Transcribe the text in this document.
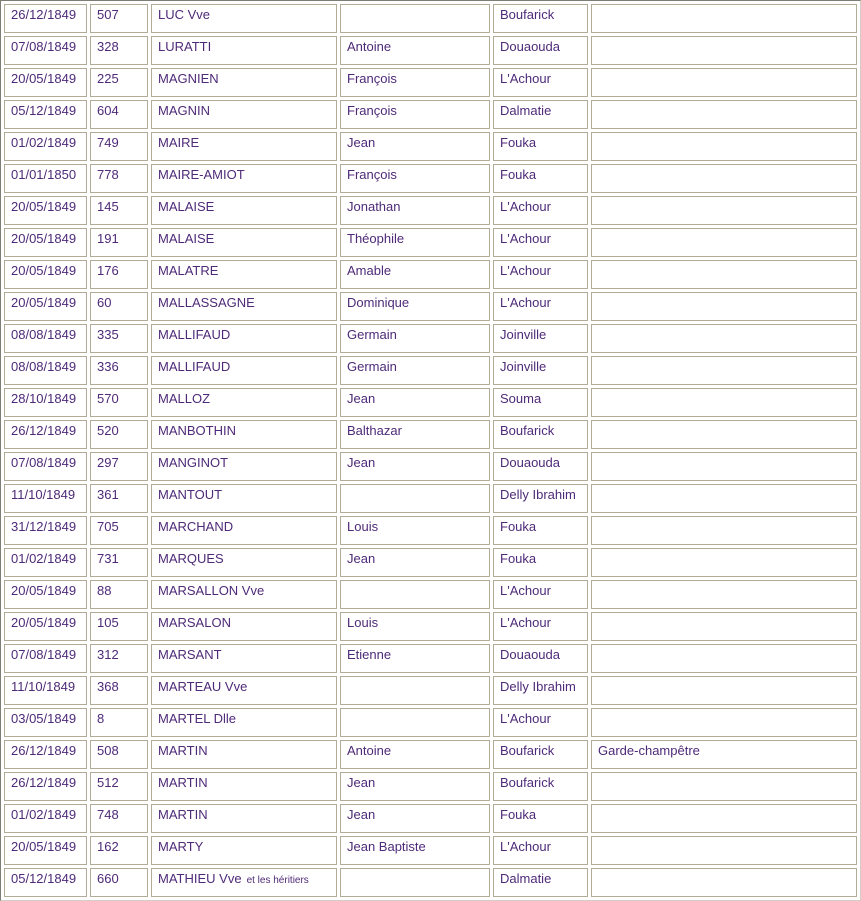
26/12/1849	507	LUC Vve		Boufarick	
07/08/1849	328	LURATTI	Antoine	Douaouda	
20/05/1849	225	MAGNIEN	François	L'Achour	
05/12/1849	604	MAGNIN	François	Dalmatie	
01/02/1849	749	MAIRE	Jean	Fouka	
01/01/1850	778	MAIRE-AMIOT	François	Fouka	
20/05/1849	145	MALAISE	Jonathan	L'Achour	
20/05/1849	191	MALAISE	Théophile	L'Achour	
20/05/1849	176	MALATRE	Amable	L'Achour	
20/05/1849	60	MALLASSAGNE	Dominique	L'Achour	
08/08/1849	335	MALLIFAUD	Germain	Joinville	
08/08/1849	336	MALLIFAUD	Germain	Joinville	
28/10/1849	570	MALLOZ	Jean	Souma	
26/12/1849	520	MANBOTHIN	Balthazar	Boufarick	
07/08/1849	297	MANGINOT	Jean	Douaouda	
11/10/1849	361	MANTOUT		Delly Ibrahim	
31/12/1849	705	MARCHAND	Louis	Fouka	
01/02/1849	731	MARQUES	Jean	Fouka	
20/05/1849	88	MARSALLON Vve		L'Achour	
20/05/1849	105	MARSALON	Louis	L'Achour	
07/08/1849	312	MARSANT	Etienne	Douaouda	
11/10/1849	368	MARTEAU Vve		Delly Ibrahim	
03/05/1849	8	MARTEL Dlle		L'Achour	
26/12/1849	508	MARTIN	Antoine	Boufarick	Garde-champêtre
26/12/1849	512	MARTIN	Jean	Boufarick	
01/02/1849	748	MARTIN	Jean	Fouka	
20/05/1849	162	MARTY	Jean Baptiste	L'Achour	
05/12/1849	660	MATHIEU Vve et les héritiers		Dalmatie	
